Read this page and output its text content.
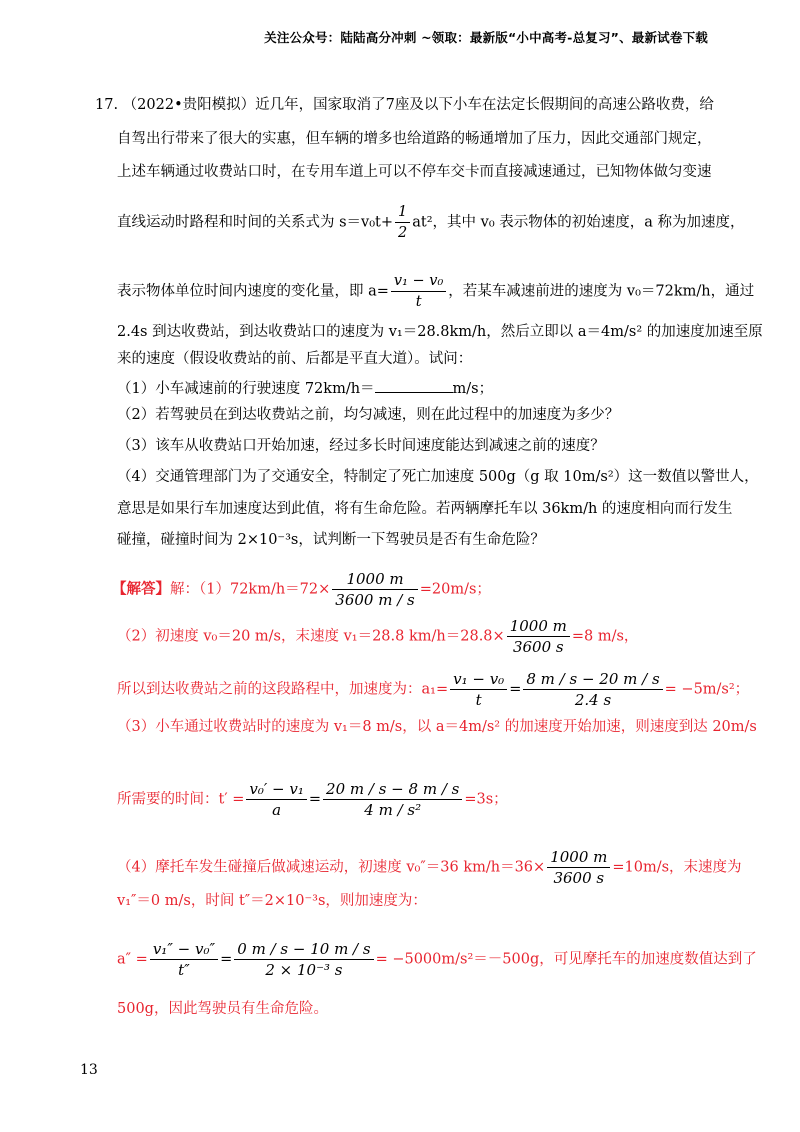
关注公众号：陆陆高分冲刺 ~领取：最新版“小中高考-总复习”、最新试卷下载
17. （2022•贵阳模拟）近几年，国家取消了7座及以下小车在法定长假期间的高速公路收费，给
自驾出行带来了很大的实惠，但车辆的增多也给道路的畅通增加了压力，因此交通部门规定，
上述车辆通过收费站口时，在专用车道上可以不停车交卡而直接减速通过，已知物体做匀变速
直线运动时路程和时间的关系式为 $s=v_0t+ \frac{1}{2} at^2$，其中 v₀ 表示物体的初始速度，a 称为加速度，
表示物体单位时间内速度的变化量，即 $a= \frac{\text{v₁ − v₀}}{t}$ ，若某车减速前进的速度为 v₀＝72km/h，通过
2.4s 到达收费站，到达收费站口的速度为 v₁＝28.8km/h，然后立即以 a＝4m/s² 的加速度加速至原
来的速度（假设收费站的前、后都是平直大道）。试问：
（1）小车减速前的行驶速度 72km/h＝	m/s；
（2）若驾驶员在到达收费站之前，均匀减速，则在此过程中的加速度为多少？
（3）该车从收费站口开始加速，经过多长时间速度能达到减速之前的速度？
（4）交通管理部门为了交通安全，特制定了死亡加速度 500g（g 取 10m/s²）这一数值以警世人，
意思是如果行车加速度达到此值，将有生命危险。若两辆摩托车以 36km/h 的速度相向而行发生
碰撞，碰撞时间为 2×10⁻³s，试判断一下驾驶员是否有生命危险？
【解答】解：$(1)72km/h=72\times \frac{1000 m}{3600 m / s} =20m/s$；
（2）初速度 v₀＝20 m/s，末速度 v₁＝28.8 $km/h=28.8\times \frac{1000 m}{3600 s} =8$ m/s，
所以到达收费站之前的这段路程中，加速度为：$a_1= \frac{\text{v₁ − v₀}}{t} = \frac{8 m / s - 20 m / s}{2.4 s} = -5m/s^2$；
（3）小车通过收费站时的速度为 v₁＝8 m/s，以 a＝4m/s² 的加速度开始加速，则速度到达 20m/s
所需要的时间：$t' = \frac{\text{v₀′ − v₁}}{a} = \frac{20 m / s - 8 m / s}{\text{4 m / s²}} =3s$；
（4）摩托车发生碰撞后做减速运动，初速度 v₀″＝36 $km/h=36\times \frac{1000 m}{3600 s} =10m/s$，末速度为
v₁″＝0 m/s，时间 t″＝2×10⁻³s，则加速度为：
$a'' = \frac{\text{v₁″ − v₀″}}{t''} = \frac{0 m / s - 10 m / s}{\text{2 × 10⁻³ s}} = -5000m/s^2=-500g$，可见摩托车的加速度数值达到了
500g，因此驾驶员有生命危险。
13
